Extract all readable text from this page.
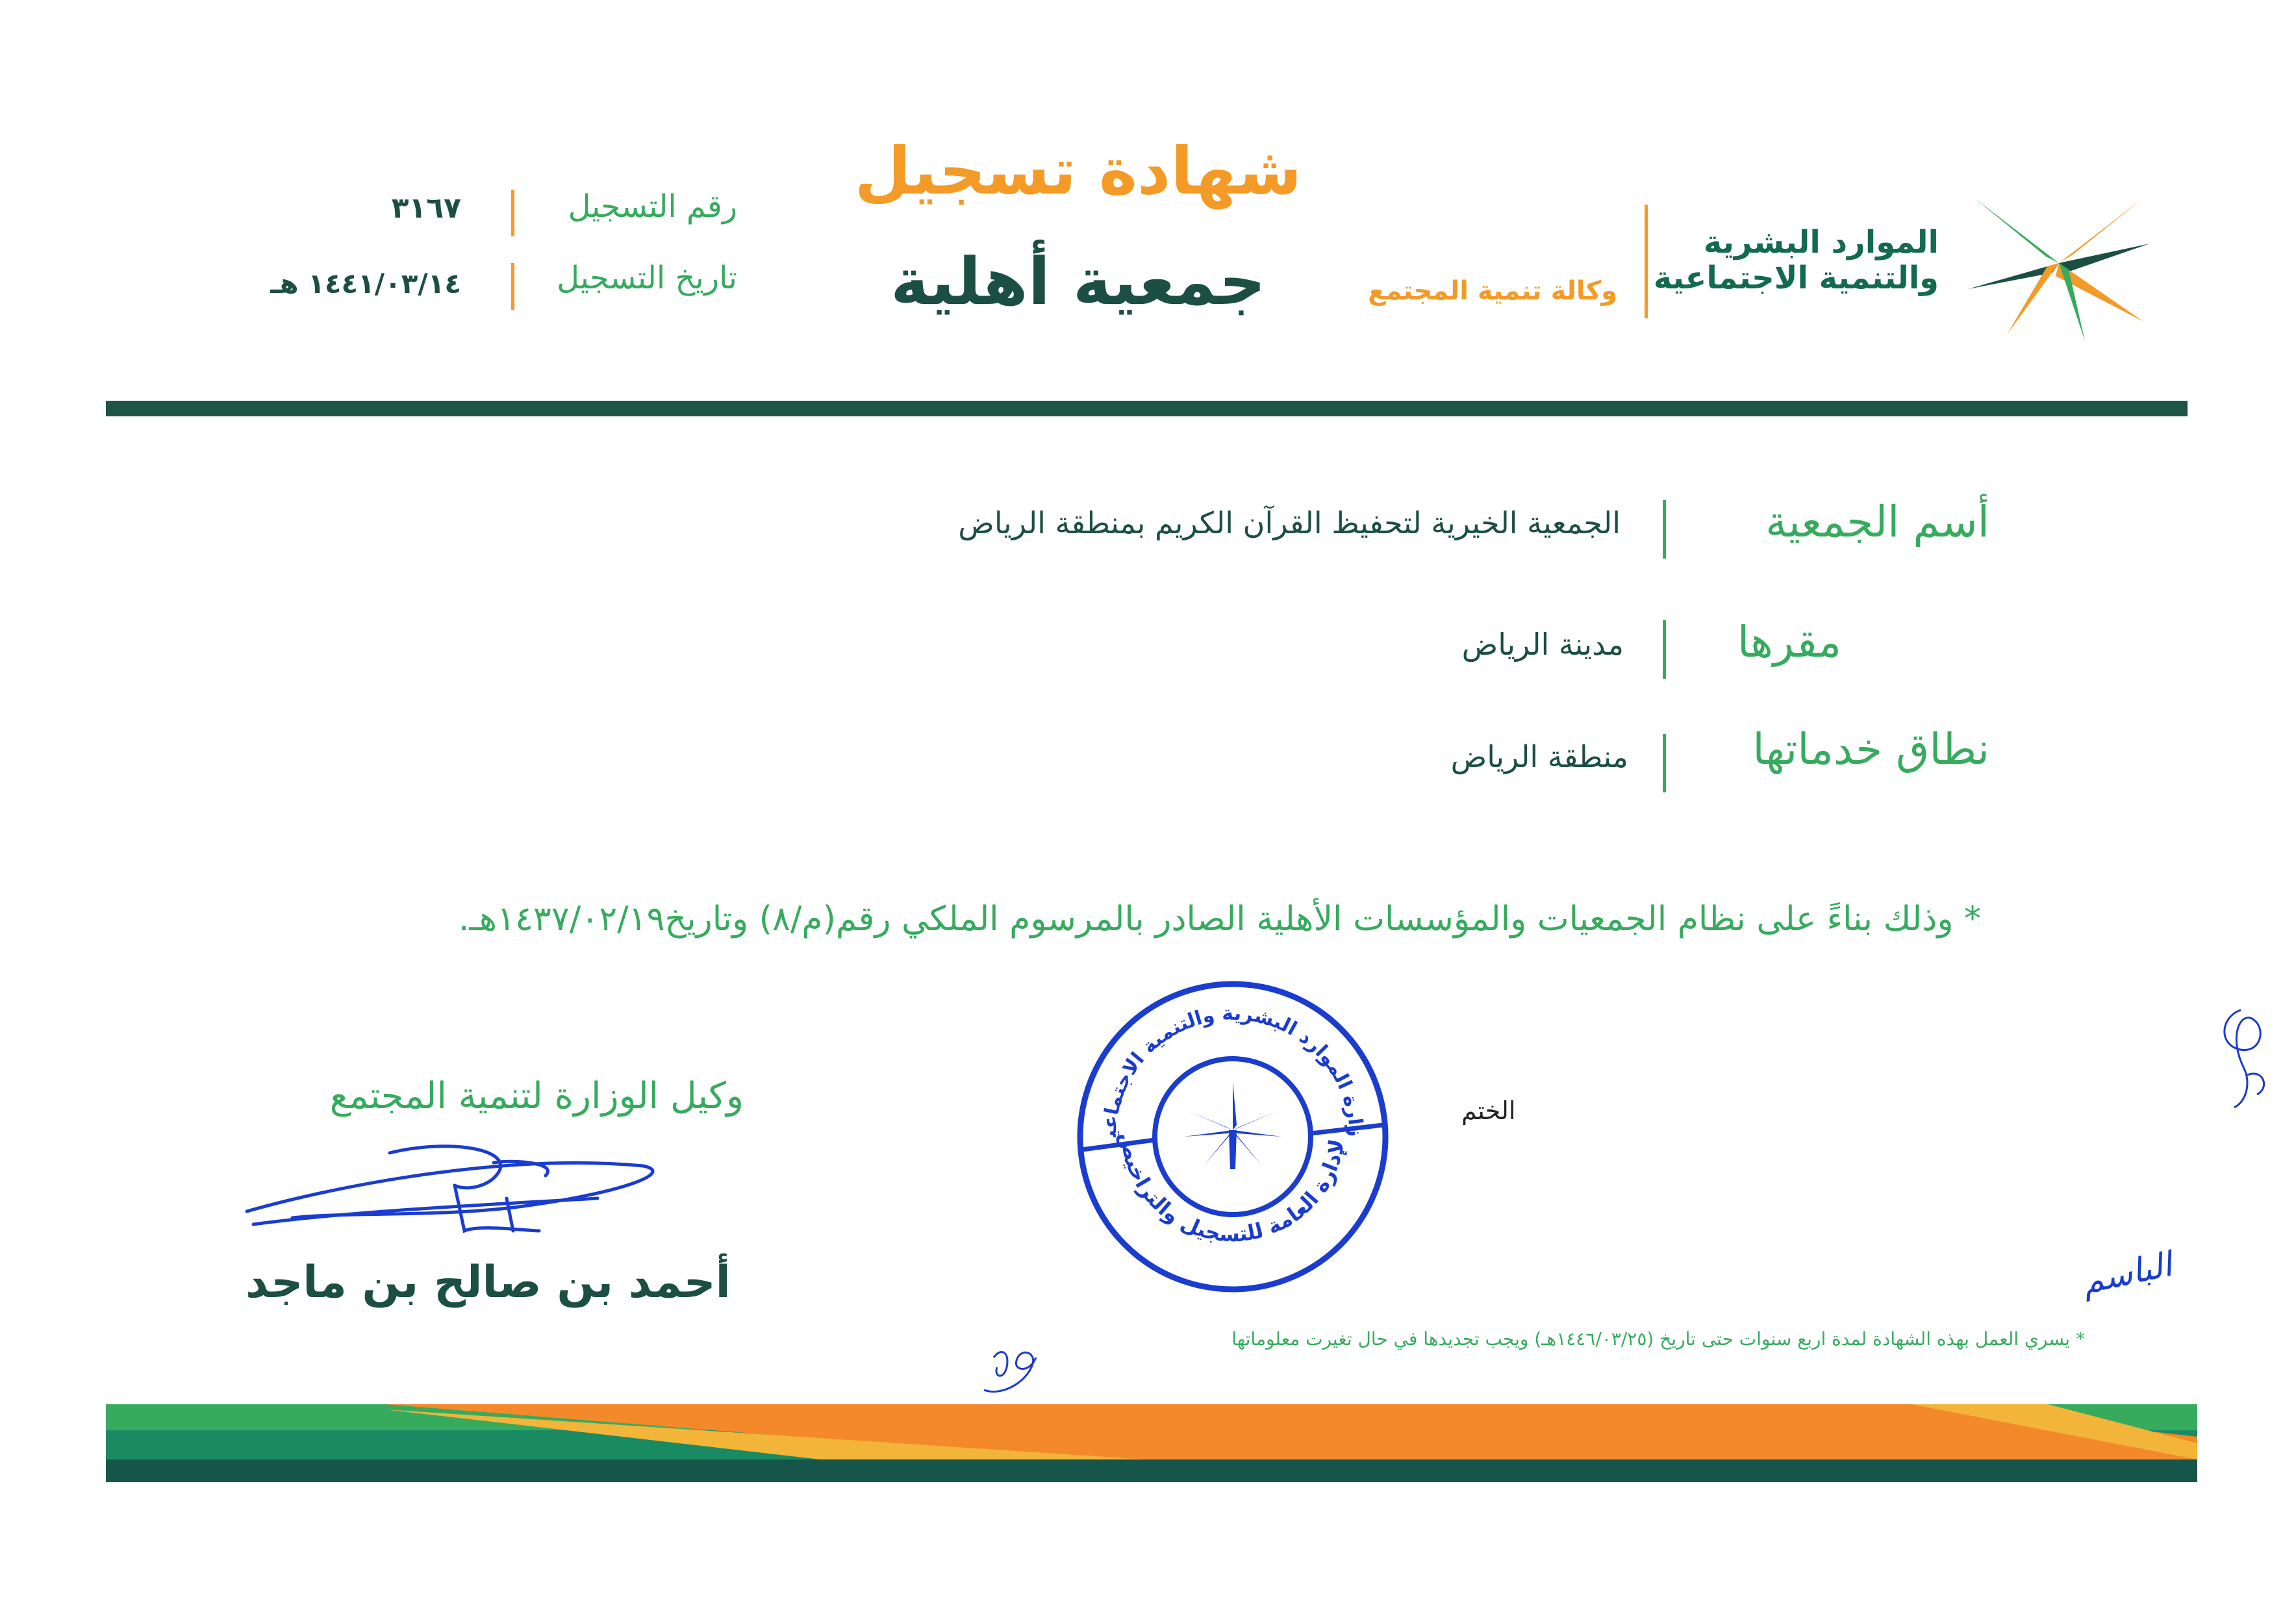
الموارد البشرية
والتنمية الاجتماعية
وكالة تنمية المجتمع
شهادة تسجيل
جمعية أهلية
رقم التسجيل
٣١٦٧
تاريخ التسجيل
١٤٤١/٠٣/١٤ هـ
أسم الجمعية
الجمعية الخيرية لتحفيظ القرآن الكريم بمنطقة الرياض
مقرها
مدينة الرياض
نطاق خدماتها
منطقة الرياض
* وذلك بناءً على نظام الجمعيات والمؤسسات الأهلية الصادر بالمرسوم الملكي رقم(م/٨) وتاريخ١٤٣٧/٠٢/١٩هـ.
الختم
زارة الموارد البشرية والتنمية الاجتماعية
الإدارة العامة للتسجيل والتراخيص
وكيل الوزارة لتنمية المجتمع
أحمد بن صالح بن ماجد	الباسم
* يسري العمل بهذه الشهادة لمدة اربع سنوات حتى تاريخ (١٤٤٦/٠٣/٢٥هـ) ويجب تجديدها في حال تغيرت معلوماتها
